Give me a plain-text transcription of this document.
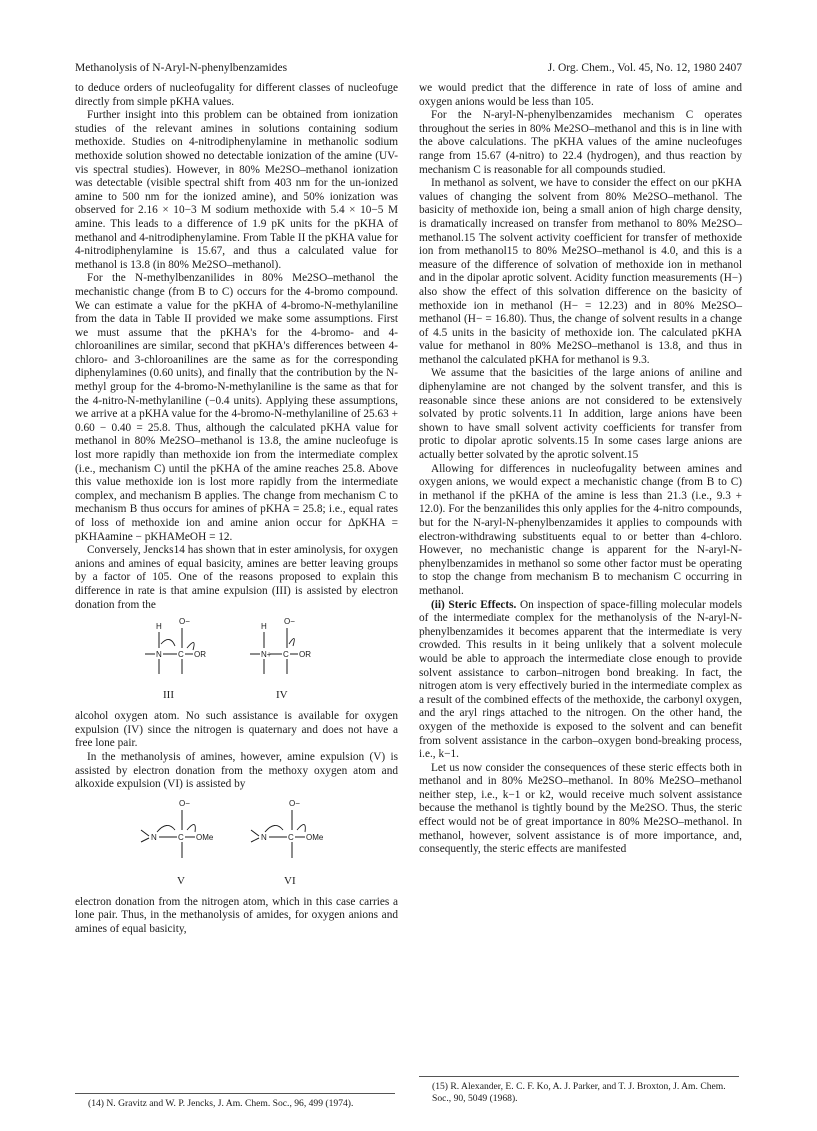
Methanolysis of N-Aryl-N-phenylbenzamides	J. Org. Chem., Vol. 45, No. 12, 1980 2407

to deduce orders of nucleofugality for different classes of nucleofuge directly from simple pKHA values.

Further insight into this problem can be obtained from ionization studies of the relevant amines in solutions containing sodium methoxide. Studies on 4-nitrodiphenylamine in methanolic sodium methoxide solution showed no detectable ionization of the amine (UV-vis spectral studies). However, in 80% Me2SO–methanol ionization was detectable (visible spectral shift from 403 nm for the un-ionized amine to 500 nm for the ionized amine), and 50% ionization was observed for 2.16 × 10−3 M sodium methoxide with 5.4 × 10−5 M amine. This leads to a difference of 1.9 pK units for the pKHA of methanol and 4-nitrodiphenylamine. From Table II the pKHA value for 4-nitrodiphenylamine is 15.67, and thus a calculated value for methanol is 13.8 (in 80% Me2SO–methanol).

For the N-methylbenzanilides in 80% Me2SO–methanol the mechanistic change (from B to C) occurs for the 4-bromo compound. We can estimate a value for the pKHA of 4-bromo-N-methylaniline from the data in Table II provided we make some assumptions. First we must assume that the pKHA's for the 4-bromo- and 4-chloroanilines are similar, second that pKHA's differences between 4-chloro- and 3-chloroanilines are the same as for the corresponding diphenylamines (0.60 units), and finally that the contribution by the N-methyl group for the 4-bromo-N-methylaniline is the same as that for the 4-nitro-N-methylaniline (−0.4 units). Applying these assumptions, we arrive at a pKHA value for the 4-bromo-N-methylaniline of 25.63 + 0.60 − 0.40 = 25.8. Thus, although the calculated pKHA value for methanol in 80% Me2SO–methanol is 13.8, the amine nucleofuge is lost more rapidly than methoxide ion from the intermediate complex (i.e., mechanism C) until the pKHA of the amine reaches 25.8. Above this value methoxide ion is lost more rapidly from the intermediate complex, and mechanism B applies. The change from mechanism C to mechanism B thus occurs for amines of pKHA = 25.8; i.e., equal rates of loss of methoxide ion and amine anion occur for ΔpKHA = pKHAamine − pKHAMeOH = 12.

Conversely, Jencks14 has shown that in ester aminolysis, for oxygen anions and amines of equal basicity, amines are better leaving groups by a factor of 105. One of the reasons proposed to explain this difference in rate is that amine expulsion (III) is assisted by electron donation from the

H
O−
N C OR
III
H
O−
N+ C OR
IV

alcohol oxygen atom. No such assistance is available for oxygen expulsion (IV) since the nitrogen is quaternary and does not have a free lone pair.

In the methanolysis of amines, however, amine expulsion (V) is assisted by electron donation from the methoxy oxygen atom and alkoxide expulsion (VI) is assisted by

O−
N	C OMe
V
O−
N	C OMe
VI

electron donation from the nitrogen atom, which in this case carries a lone pair. Thus, in the methanolysis of amides, for oxygen anions and amines of equal basicity,

we would predict that the difference in rate of loss of amine and oxygen anions would be less than 105.

For the N-aryl-N-phenylbenzamides mechanism C operates throughout the series in 80% Me2SO–methanol and this is in line with the above calculations. The pKHA values of the amine nucleofuges range from 15.67 (4-nitro) to 22.4 (hydrogen), and thus reaction by mechanism C is reasonable for all compounds studied.

In methanol as solvent, we have to consider the effect on our pKHA values of changing the solvent from 80% Me2SO–methanol. The basicity of methoxide ion, being a small anion of high charge density, is dramatically increased on transfer from methanol to 80% Me2SO–methanol.15 The solvent activity coefficient for transfer of methoxide ion from methanol15 to 80% Me2SO–methanol is 4.0, and this is a measure of the difference of solvation of methoxide ion in methanol and in the dipolar aprotic solvent. Acidity function measurements (H−) also show the effect of this solvation difference on the basicity of methoxide ion in methanol (H− = 12.23) and in 80% Me2SO–methanol (H− = 16.80). Thus, the change of solvent results in a change of 4.5 units in the basicity of methoxide ion. The calculated pKHA value for methanol in 80% Me2SO–methanol is 13.8, and thus in methanol the calculated pKHA for methanol is 9.3.

We assume that the basicities of the large anions of aniline and diphenylamine are not changed by the solvent transfer, and this is reasonable since these anions are not considered to be extensively solvated by protic solvents.11 In addition, large anions have been shown to have small solvent activity coefficients for transfer from protic to dipolar aprotic solvents.15 In some cases large anions are actually better solvated by the aprotic solvent.15

Allowing for differences in nucleofugality between amines and oxygen anions, we would expect a mechanistic change (from B to C) in methanol if the pKHA of the amine is less than 21.3 (i.e., 9.3 + 12.0). For the benzanilides this only applies for the 4-nitro compounds, but for the N-aryl-N-phenylbenzamides it applies to compounds with electron-withdrawing substituents equal to or better than 4-chloro. However, no mechanistic change is apparent for the N-aryl-N-phenylbenzamides in methanol so some other factor must be operating to stop the change from mechanism B to mechanism C occurring in methanol.

(ii) Steric Effects. On inspection of space-filling molecular models of the intermediate complex for the methanolysis of the N-aryl-N-phenylbenzamides it becomes apparent that the intermediate is very crowded. This results in it being unlikely that a solvent molecule would be able to approach the intermediate close enough to provide solvent assistance to carbon–nitrogen bond breaking. In fact, the nitrogen atom is very effectively buried in the intermediate complex as a result of the combined effects of the methoxide, the carbonyl oxygen, and the aryl rings attached to the nitrogen. On the other hand, the oxygen of the methoxide is exposed to the solvent and can benefit from solvent assistance in the carbon–oxygen bond-breaking process, i.e., k−1.

Let us now consider the consequences of these steric effects both in methanol and in 80% Me2SO–methanol. In 80% Me2SO–methanol neither step, i.e., k−1 or k2, would receive much solvent assistance because the methanol is tightly bound by the Me2SO. Thus, the steric effect would not be of great importance in 80% Me2SO–methanol. In methanol, however, solvent assistance is of more importance, and, consequently, the steric effects are manifested

(14) N. Gravitz and W. P. Jencks, J. Am. Chem. Soc., 96, 499 (1974).
(15) R. Alexander, E. C. F. Ko, A. J. Parker, and T. J. Broxton, J. Am. Chem. Soc., 90, 5049 (1968).
